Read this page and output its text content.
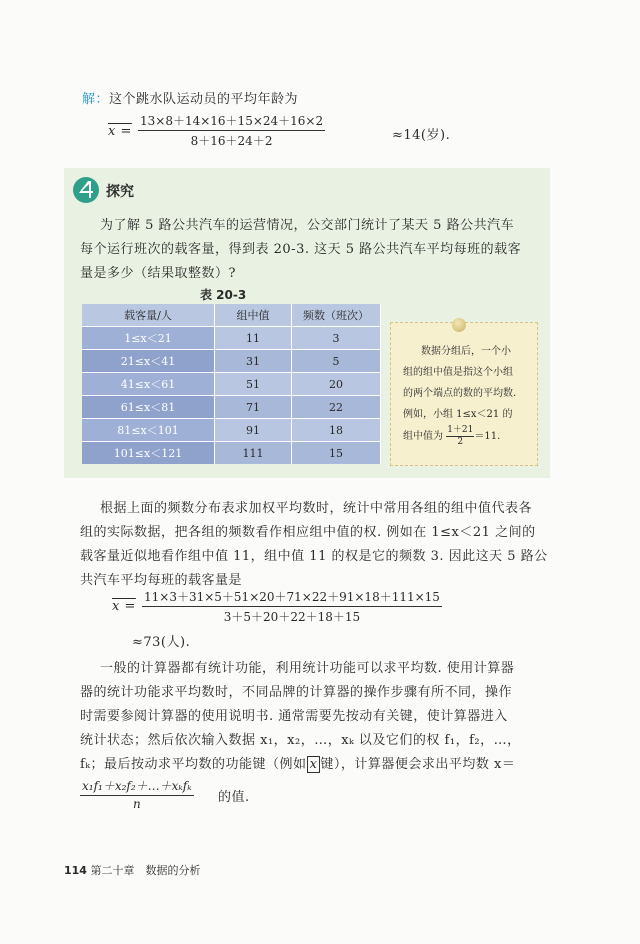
解：这个跳水队运动员的平均年龄为
$x = \frac{13\times 8+14\times 16+15\times 24+16\times 2}{8+16+24+2}$	≈14(岁).
探究
为了解 5 路公共汽车的运营情况，公交部门统计了某天 5 路公共汽车
每个运行班次的载客量，得到表 20-3. 这天 5 路公共汽车平均每班的载客
量是多少（结果取整数）?
表 20-3
载客量/人	组中值	频数（班次）
1≤x＜21	11	3
21≤x＜41	31	5
41≤x＜61	51	20
61≤x＜81	71	22
81≤x＜101	91	18
101≤x＜121	111	15
数据分组后，一个小
组的组中值是指这个小组
的两个端点的数的平均数.
例如，小组 1≤x＜21 的
组中值为 $\frac{1+21}{2} =11$.
根据上面的频数分布表求加权平均数时，统计中常用各组的组中值代表各
组的实际数据，把各组的频数看作相应组中值的权. 例如在 1≤x＜21 之间的
载客量近似地看作组中值 11，组中值 11 的权是它的频数 3. 因此这天 5 路公
共汽车平均每班的载客量是
$x = \frac{11\times 3+31\times 5+51\times 20+71\times 22+91\times 18+111\times 15}{3+5+20+22+18+15}$
≈73(人).
一般的计算器都有统计功能，利用统计功能可以求平均数. 使用计算器
器的统计功能求平均数时，不同品牌的计算器的操作步骤有所不同，操作
时需要参阅计算器的使用说明书. 通常需要先按动有关键，使计算器进入
统计状态；然后依次输入数据 x₁，x₂，…，xₖ 以及它们的权 f₁，f₂，…，
fₖ；最后按动求平均数的功能键（例如 $\overline{x}$ 键），计算器便会求出平均数 x＝
x₁f₁＋x₂f₂＋…＋xₖfₖ
n	的值.
114 第二十章　数据的分析
